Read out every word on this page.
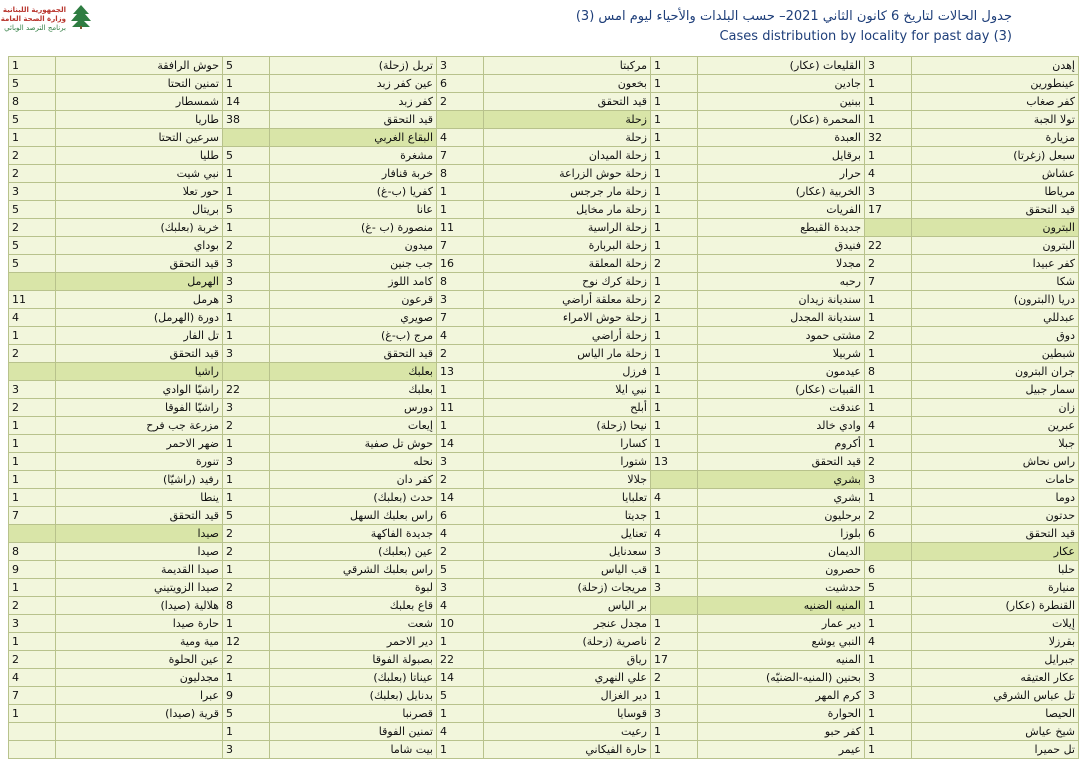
الجمهورية اللبنانية
وزارة الصحة العامة
برنامج الترصد الوبائي
جدول الحالات لتاريخ 6 كانون الثاني 2021– حسب البلدات والأحياء ليوم امس (3)
Cases distribution by locality for past day (3)
إهدن	3	القليعات (عكار)	1	مركبتا	3	تربل (زحلة)	5	حوش الرافقة	1
عينطورين	1	جادين	1	بخعون	6	عين كفر زبد	1	تمنين التحتا	5
كفر صغاب	1	ببنين	1	قيد التحقق	2	كفر زبد	14	شمسطار	8
تولا الجبة	1	المحمرة (عكار)	1	زحلة		قيد التحقق	38	طاريا	5
مزيارة	32	العبدة	1	زحلة	4	البقاع الغربي		سرعين التحتا	1
سبعل (زغرتا)	1	برقايل	1	زحلة الميدان	7	مشغرة	5	طليا	2
عشاش	4	حرار	1	زحلة حوش الزراعة	8	خربة قنافار	1	نبي شيت	2
مرياطا	3	الخربية (عكار)	1	زحلة مار جرجس	1	كفريا (ب-غ)	1	حور تعلا	3
قيد التحقق	17	الفريات	1	زحلة مار مخايل	1	عانا	5	بريتال	5
البترون		جديدة القيطع	1	زحلة الراسية	11	منصورة (ب -غ)	1	خربة (بعلبك)	2
البترون	22	فنيدق	1	زحلة البربارة	7	ميدون	2	بوداي	5
كفر عبيدا	2	مجدلا	2	زحلة المعلقة	16	جب جنين	3	قيد التحقق	5
شكا	7	رحبه	1	زحلة كرك نوح	8	كامد اللوز	3	الهرمل	
دريا (البترون)	1	سنديانة زيدان	2	زحلة معلقة أراضي	3	قرعون	3	هرمل	11
عبدللي	1	سنديانة المجدل	1	زحلة حوش الامراء	7	صويري	1	دورة (الهرمل)	4
دوق	2	مشتى حمود	1	زحلة أراضي	4	مرج (ب-غ)	1	تل الفار	1
شبطين	1	شربيلا	1	زحلة مار الياس	2	قيد التحقق	3	قيد التحقق	2
جران البترون	8	عيدمون	1	فرزل	13	بعلبك		راشيا	
سمار جبيل	1	القبيات (عكار)	1	نبي ايلا	1	بعلبك	22	راشيّا الوادي	3
زان	1	عندقت	1	أبلح	11	دورس	3	راشيّا الفوقا	2
عبرين	4	وادي خالد	1	نيحا (زحلة)	1	إيعات	2	مزرعة جب فرح	1
جبلا	1	أكروم	1	كسارا	14	حوش تل صفية	1	ضهر الاحمر	1
راس نحاش	2	قيد التحقق	13	شتورا	3	نحله	3	تنورة	1
حامات	3	بشري		جلالا	2	كفر دان	1	رفيد (راشيّا)	1
دوما	1	بشري	4	تعلبايا	14	حدث (بعلبك)	1	ينطا	1
حدتون	2	برحليون	1	جديتا	6	راس بعلبك السهل	5	قيد التحقق	7
قيد التحقق	6	بلوزا	4	تعنايل	4	جديدة الفاكهة	2	صيدا	
عكار		الديمان	3	سعدنايل	2	عين (بعلبك)	2	صيدا	8
حلبا	6	حصرون	1	قب الياس	5	راس بعلبك الشرقي	1	صيدا القديمة	9
منيارة	5	حدشيت	3	مريجات (زحلة)	3	لبوة	2	صيدا الزويتيني	1
القنطرة (عكار)	1	المنيه الضنيه		بر الياس	4	قاع بعلبك	8	هلالية (صيدا)	2
إيلات	1	دير عمار	1	مجدل عنجر	10	شعت	1	حارة صيدا	3
بقرزلا	4	النبي يوشع	2	ناصرية (زحلة)	1	دير الاحمر	12	مية ومية	1
جبرايل	1	المنيه	17	رياق	22	بصبولة الفوقا	2	عين الحلوة	2
عكار العتيقه	3	بحنين (المنيه-الضنيّه)	2	علي النهري	14	عيناتا (بعلبك)	1	مجدليون	4
تل عباس الشرقي	3	كرم المهر	1	دير الغزال	5	بدنايل (بعلبك)	9	عبرا	7
الحيصا	1	الحوارة	3	قوسايا	1	قصرنبا	5	قرية (صيدا)	1
شيخ عياش	1	كفر حبو	1	رعيت	4	تمنين الفوقا	1		
تل حميرا	1	عيمر	1	حارة الفيكاني	1	بيت شاما	3		
